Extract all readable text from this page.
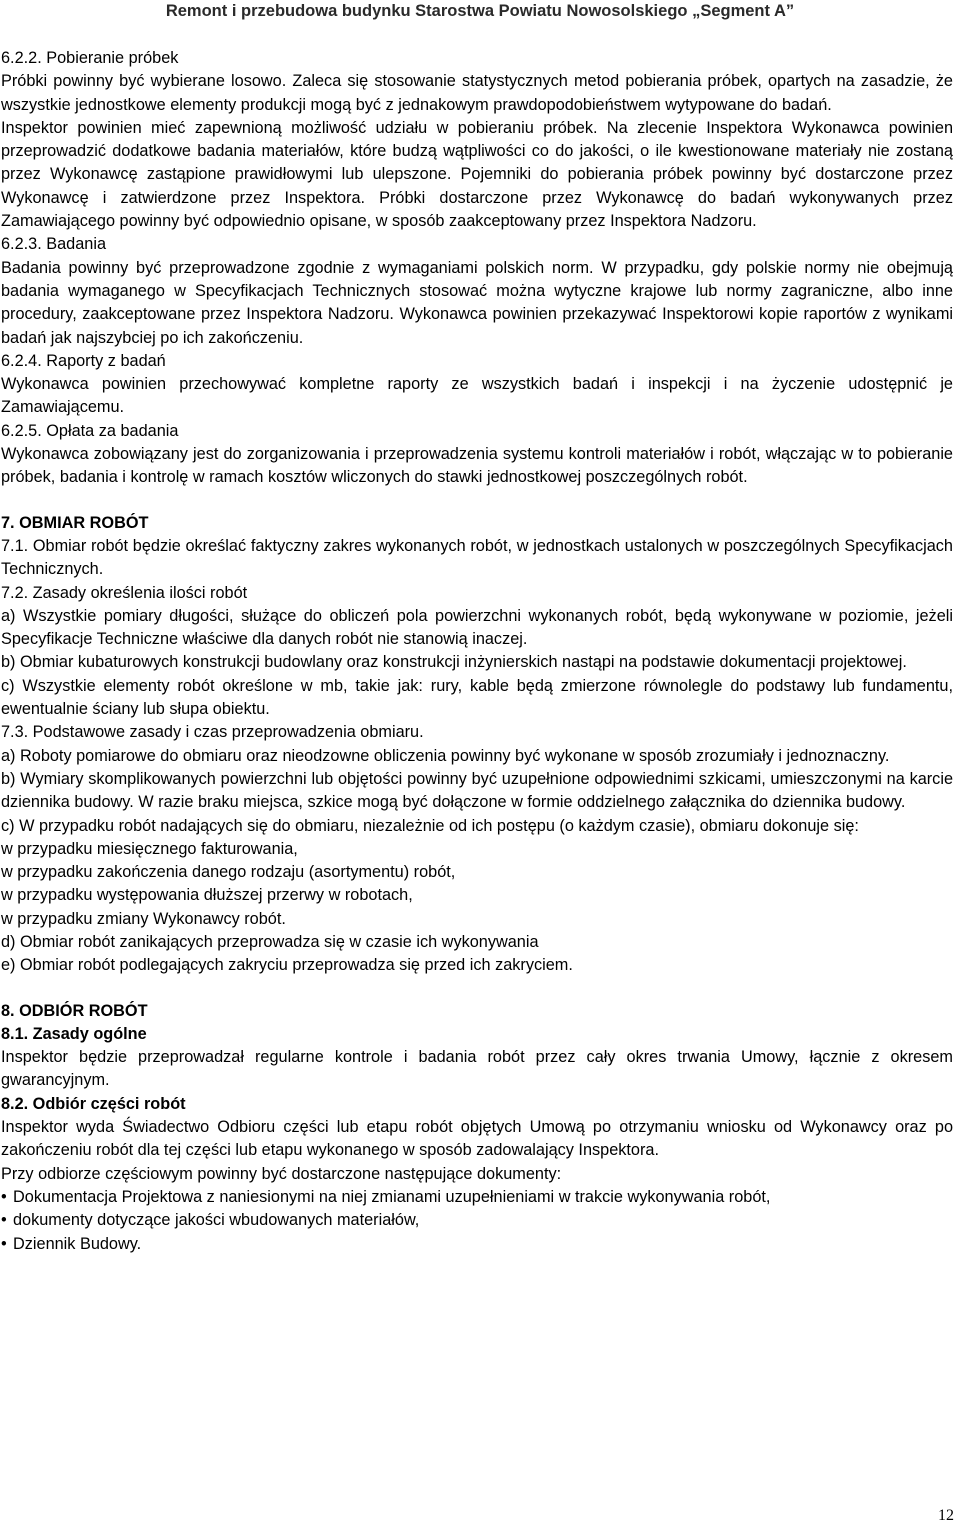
Remont i przebudowa budynku Starostwa Powiatu Nowosolskiego „Segment A”

6.2.2. Pobieranie próbek

Próbki powinny być wybierane losowo. Zaleca się stosowanie statystycznych metod pobierania próbek, opartych na zasadzie, że wszystkie jednostkowe elementy produkcji mogą być z jednakowym prawdopodobieństwem wytypowane do badań.

Inspektor powinien mieć zapewnioną możliwość udziału w pobieraniu próbek. Na zlecenie Inspektora Wykonawca powinien przeprowadzić dodatkowe badania materiałów, które budzą wątpliwości co do jakości, o ile kwestionowane materiały nie zostaną przez Wykonawcę zastąpione prawidłowymi lub ulepszone. Pojemniki do pobierania próbek powinny być dostarczone przez Wykonawcę i zatwierdzone przez Inspektora. Próbki dostarczone przez Wykonawcę do badań wykonywanych przez Zamawiającego powinny być odpowiednio opisane, w sposób zaakceptowany przez Inspektora Nadzoru.

6.2.3. Badania

Badania powinny być przeprowadzone zgodnie z wymaganiami polskich norm. W przypadku, gdy polskie normy nie obejmują badania wymaganego w Specyfikacjach Technicznych stosować można wytyczne krajowe lub normy zagraniczne, albo inne procedury, zaakceptowane przez Inspektora Nadzoru. Wykonawca powinien przekazywać Inspektorowi kopie raportów z wynikami badań jak najszybciej po ich zakończeniu.

6.2.4. Raporty z badań

Wykonawca powinien przechowywać kompletne raporty ze wszystkich badań i inspekcji i na życzenie udostępnić je Zamawiającemu.

6.2.5. Opłata za badania

Wykonawca zobowiązany jest do zorganizowania i przeprowadzenia systemu kontroli materiałów i robót, włączając w to pobieranie próbek, badania i kontrolę w ramach kosztów wliczonych do stawki jednostkowej poszczególnych robót.

7. OBMIAR ROBÓT

7.1. Obmiar robót będzie określać faktyczny zakres wykonanych robót, w jednostkach ustalonych w poszczególnych Specyfikacjach Technicznych.

7.2. Zasady określenia ilości robót

a) Wszystkie pomiary długości, służące do obliczeń pola powierzchni wykonanych robót, będą wykonywane w poziomie, jeżeli Specyfikacje Techniczne właściwe dla danych robót nie stanowią inaczej.

b) Obmiar kubaturowych konstrukcji budowlany oraz konstrukcji inżynierskich nastąpi na podstawie dokumentacji projektowej.

c) Wszystkie elementy robót określone w mb, takie jak: rury, kable będą zmierzone równolegle do podstawy lub fundamentu, ewentualnie ściany lub słupa obiektu.

7.3. Podstawowe zasady i czas przeprowadzenia obmiaru.

a) Roboty pomiarowe do obmiaru oraz nieodzowne obliczenia powinny być wykonane w sposób zrozumiały i jednoznaczny.

b) Wymiary skomplikowanych powierzchni lub objętości powinny być uzupełnione odpowiednimi szkicami, umieszczonymi na karcie dziennika budowy. W razie braku miejsca, szkice mogą być dołączone w formie oddzielnego załącznika do dziennika budowy.

c) W przypadku robót nadających się do obmiaru, niezależnie od ich postępu (o każdym czasie), obmiaru dokonuje się:

w przypadku miesięcznego fakturowania,

w przypadku zakończenia danego rodzaju (asortymentu) robót,

w przypadku występowania dłuższej przerwy w robotach,

w przypadku zmiany Wykonawcy robót.

d) Obmiar robót zanikających przeprowadza się w czasie ich wykonywania

e) Obmiar robót podlegających zakryciu przeprowadza się przed ich zakryciem.

8. ODBIÓR ROBÓT

8.1. Zasady ogólne

Inspektor będzie przeprowadzał regularne kontrole i badania robót przez cały okres trwania Umowy, łącznie z okresem gwarancyjnym.

8.2. Odbiór części robót

Inspektor wyda Świadectwo Odbioru części lub etapu robót objętych Umową po otrzymaniu wniosku od Wykonawcy oraz po zakończeniu robót dla tej części lub etapu wykonanego w sposób zadowalający Inspektora.

Przy odbiorze częściowym powinny być dostarczone następujące dokumenty:

• Dokumentacja Projektowa z naniesionymi na niej zmianami uzupełnieniami w trakcie wykonywania robót,

• dokumenty dotyczące jakości wbudowanych materiałów,

• Dziennik Budowy.

12
